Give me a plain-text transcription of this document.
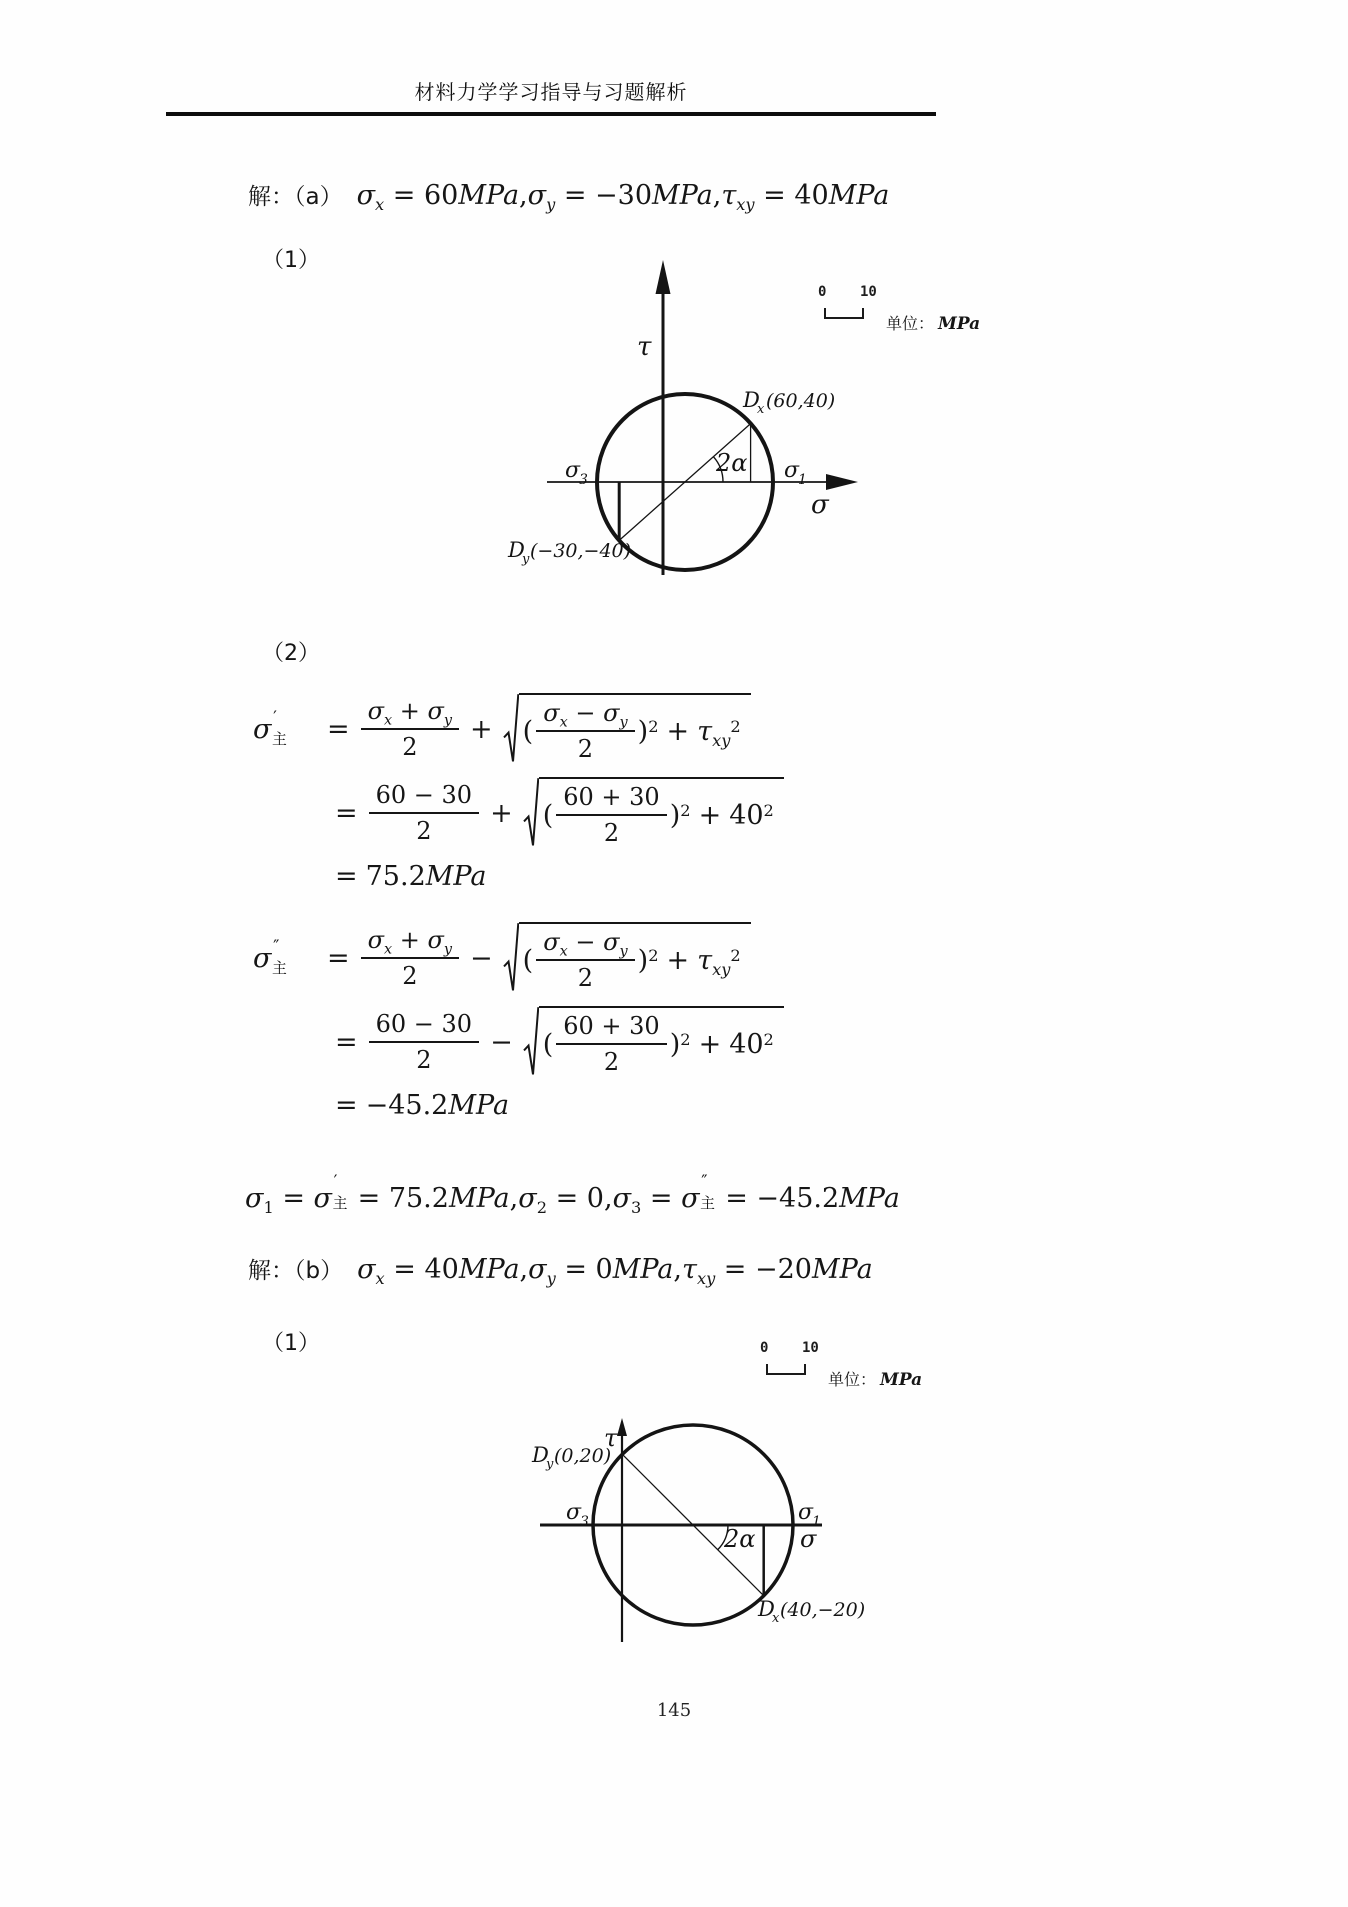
材料力学学习指导与习题解析
解：（a） $\sigma_x = 60MPa,\sigma_y = -30MPa,\tau_{xy} = 40MPa$
（1）
0 10
单位： MPa
τ
σ
σ
3	σ
1
2α
D
x (60,40)
D
y (−30,−40)
（2）
σ ′
主 = $\frac{\sigma_x + \sigma_y}{2}$ + ( $\frac{\sigma_x - \sigma_y}{2} )^2 + \tau_{xy}^2$
= $\frac{60 - 30}{2}$ + ( $\frac{60 + 30}{2} )^2 + 40^2$
= 75.2MPa
σ ″
主 = $\frac{\sigma_x + \sigma_y}{2}$ − ( $\frac{\sigma_x - \sigma_y}{2} )^2 + \tau_{xy}^2$
= $\frac{60 - 30}{2}$ − ( $\frac{60 + 30}{2} )^2 + 40^2$
= −45.2MPa
$\sigma_1 = \sigma$
′
主 = $75.2MPa,\sigma_2 = 0,\sigma_3 = \sigma$
″
主 = −45.2MPa
解：（b） $\sigma_x = 40MPa,\sigma_y = 0MPa,\tau_{xy} = -20MPa$
（1）	0 10
单位： MPa
D
y (0,20)
τ
σ
3	σ
1
σ
2α
D
x (40,−20)
145
